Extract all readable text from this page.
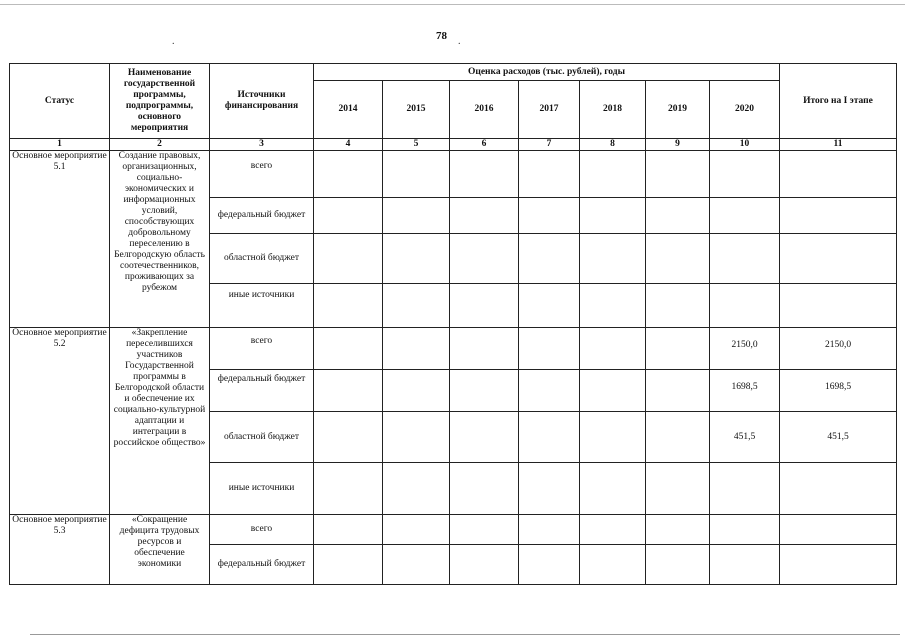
78
.	.
Статус	Наименование государственной программы, подпрограммы, основного мероприятия	Источники финансирования	Оценка расходов (тыс. рублей), годы							Итого на I этапе
			2014	2015	2016	2017	2018	2019	2020	
1	2	3	4	5	6	7	8	9	10	11
Основное мероприятие 5.1	Создание правовых, организационных, социально-экономических и информационных условий, способствующих добровольному переселению в Белгородскую область соотечественников, проживающих за рубежом	всего								
		федеральный бюджет								
		областной бюджет								
		иные источники								
Основное мероприятие 5.2	«Закрепление переселившихся участников Государственной программы в Белгородской области и обеспечение их социально-культурной адаптации и интеграции в российское общество»	всего							2150,0	2150,0
		федеральный бюджет							1698,5	1698,5
		областной бюджет							451,5	451,5
		иные источники								
Основное мероприятие 5.3	«Сокращение дефицита трудовых ресурсов и обеспечение экономики	всего								
		федеральный бюджет								
